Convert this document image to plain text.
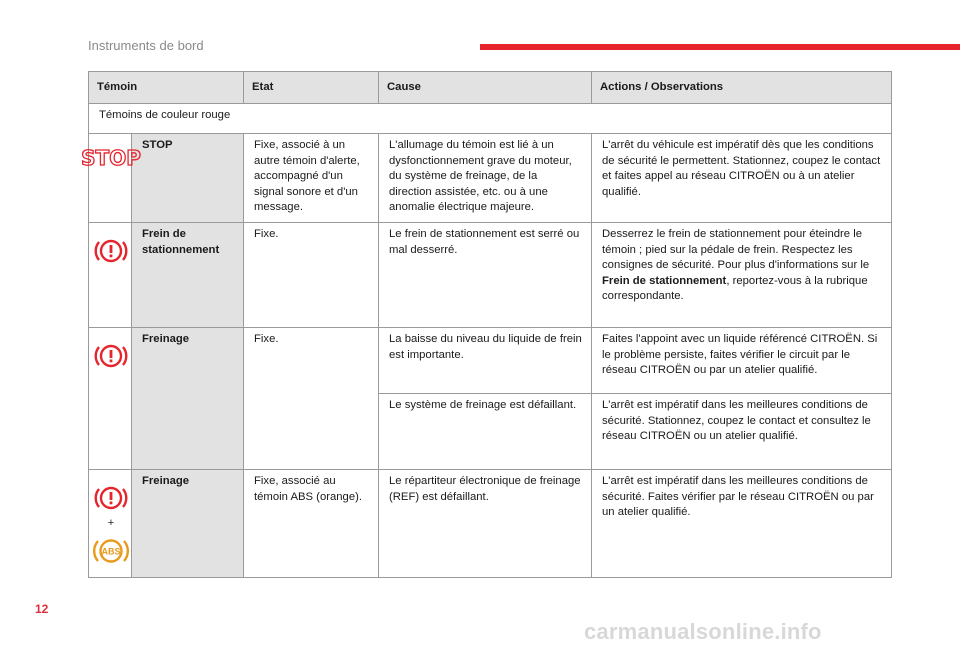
Instruments de bord
Témoin		Etat	Cause	Actions / Observations
Témoins de couleur rouge				

STOP	STOP	Fixe, associé à un autre témoin d'alerte, accompagné d'un signal sonore et d'un message.	L'allumage du témoin est lié à un dysfonctionnement grave du moteur, du système de freinage, de la direction assistée, etc. ou à une anomalie électrique majeure.	L'arrêt du véhicule est impératif dès que les conditions de sécurité le permettent. Stationnez, coupez le contact et faites appel au réseau CITROËN ou à un atelier qualifié.

	Frein de stationnement	Fixe.	Le frein de stationnement est serré ou mal desserré.	Desserrez le frein de stationnement pour éteindre le témoin ; pied sur la pédale de frein. Respectez les consignes de sécurité. Pour plus d'informations sur le Frein de stationnement, reportez-vous à la rubrique correspondante.

	Freinage	Fixe.	La baisse du niveau du liquide de frein est importante.	Faites l'appoint avec un liquide référencé CITROËN. Si le problème persiste, faites vérifier le circuit par le réseau CITROËN ou par un atelier qualifié.
			Le système de freinage est défaillant.	L'arrêt est impératif dans les meilleures conditions de sécurité. Stationnez, coupez le contact et consultez le réseau CITROËN ou un atelier qualifié.

+
ABS	Freinage	Fixe, associé au témoin ABS (orange).	Le répartiteur électronique de freinage (REF) est défaillant.	L'arrêt est impératif dans les meilleures conditions de sécurité. Faites vérifier par le réseau CITROËN ou par un atelier qualifié.
12
carmanualsonline.info
